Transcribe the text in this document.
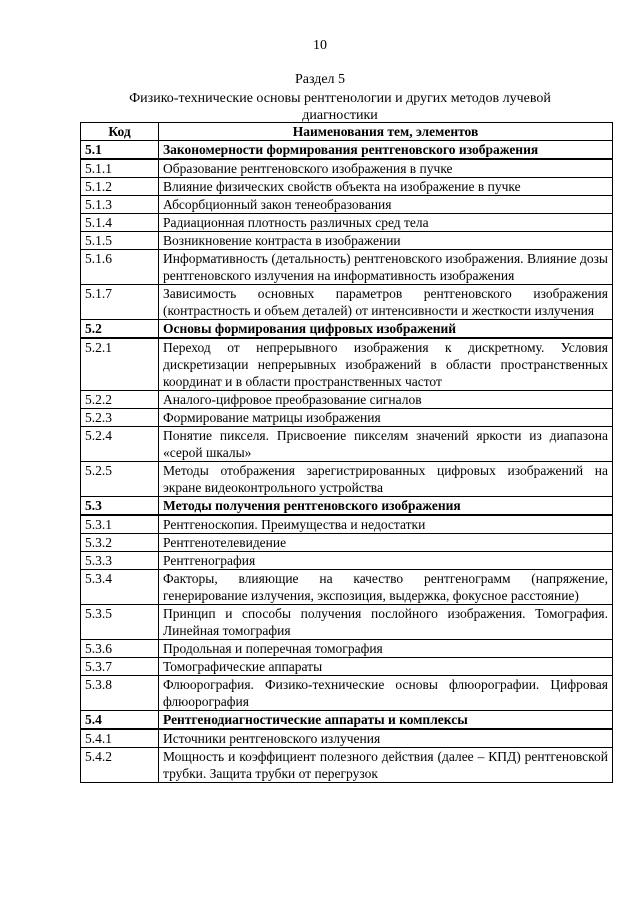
10
Раздел 5
Физико-технические основы рентгенологии и других методов лучевой диагностики
Код	Наименования тем, элементов
5.1	Закономерности формирования рентгеновского изображения
5.1.1	Образование рентгеновского изображения в пучке
5.1.2	Влияние физических свойств объекта на изображение в пучке
5.1.3	Абсорбционный закон тенеобразования
5.1.4	Радиационная плотность различных сред тела
5.1.5	Возникновение контраста в изображении
5.1.6	Информативность (детальность) рентгеновского изображения. Влияние дозы рентгеновского излучения на информативность изображения
5.1.7	Зависимость основных параметров рентгеновского изображения (контрастность и объем деталей) от интенсивности и жесткости излучения
5.2	Основы формирования цифровых изображений
5.2.1	Переход от непрерывного изображения к дискретному. Условия дискретизации непрерывных изображений в области пространственных координат и в области пространственных частот
5.2.2	Аналого-цифровое преобразование сигналов
5.2.3	Формирование матрицы изображения
5.2.4	Понятие пикселя. Присвоение пикселям значений яркости из диапазона «серой шкалы»
5.2.5	Методы отображения зарегистрированных цифровых изображений на экране видеоконтрольного устройства
5.3	Методы получения рентгеновского изображения
5.3.1	Рентгеноскопия. Преимущества и недостатки
5.3.2	Рентгенотелевидение
5.3.3	Рентгенография
5.3.4	Факторы, влияющие на качество рентгенограмм (напряжение, генерирование излучения, экспозиция, выдержка, фокусное расстояние)
5.3.5	Принцип и способы получения послойного изображения. Томография. Линейная томография
5.3.6	Продольная и поперечная томография
5.3.7	Томографические аппараты
5.3.8	Флюорография. Физико-технические основы флюорографии. Цифровая флюорография
5.4	Рентгенодиагностические аппараты и комплексы
5.4.1	Источники рентгеновского излучения
5.4.2	Мощность и коэффициент полезного действия (далее – КПД) рентгеновской трубки. Защита трубки от перегрузок
